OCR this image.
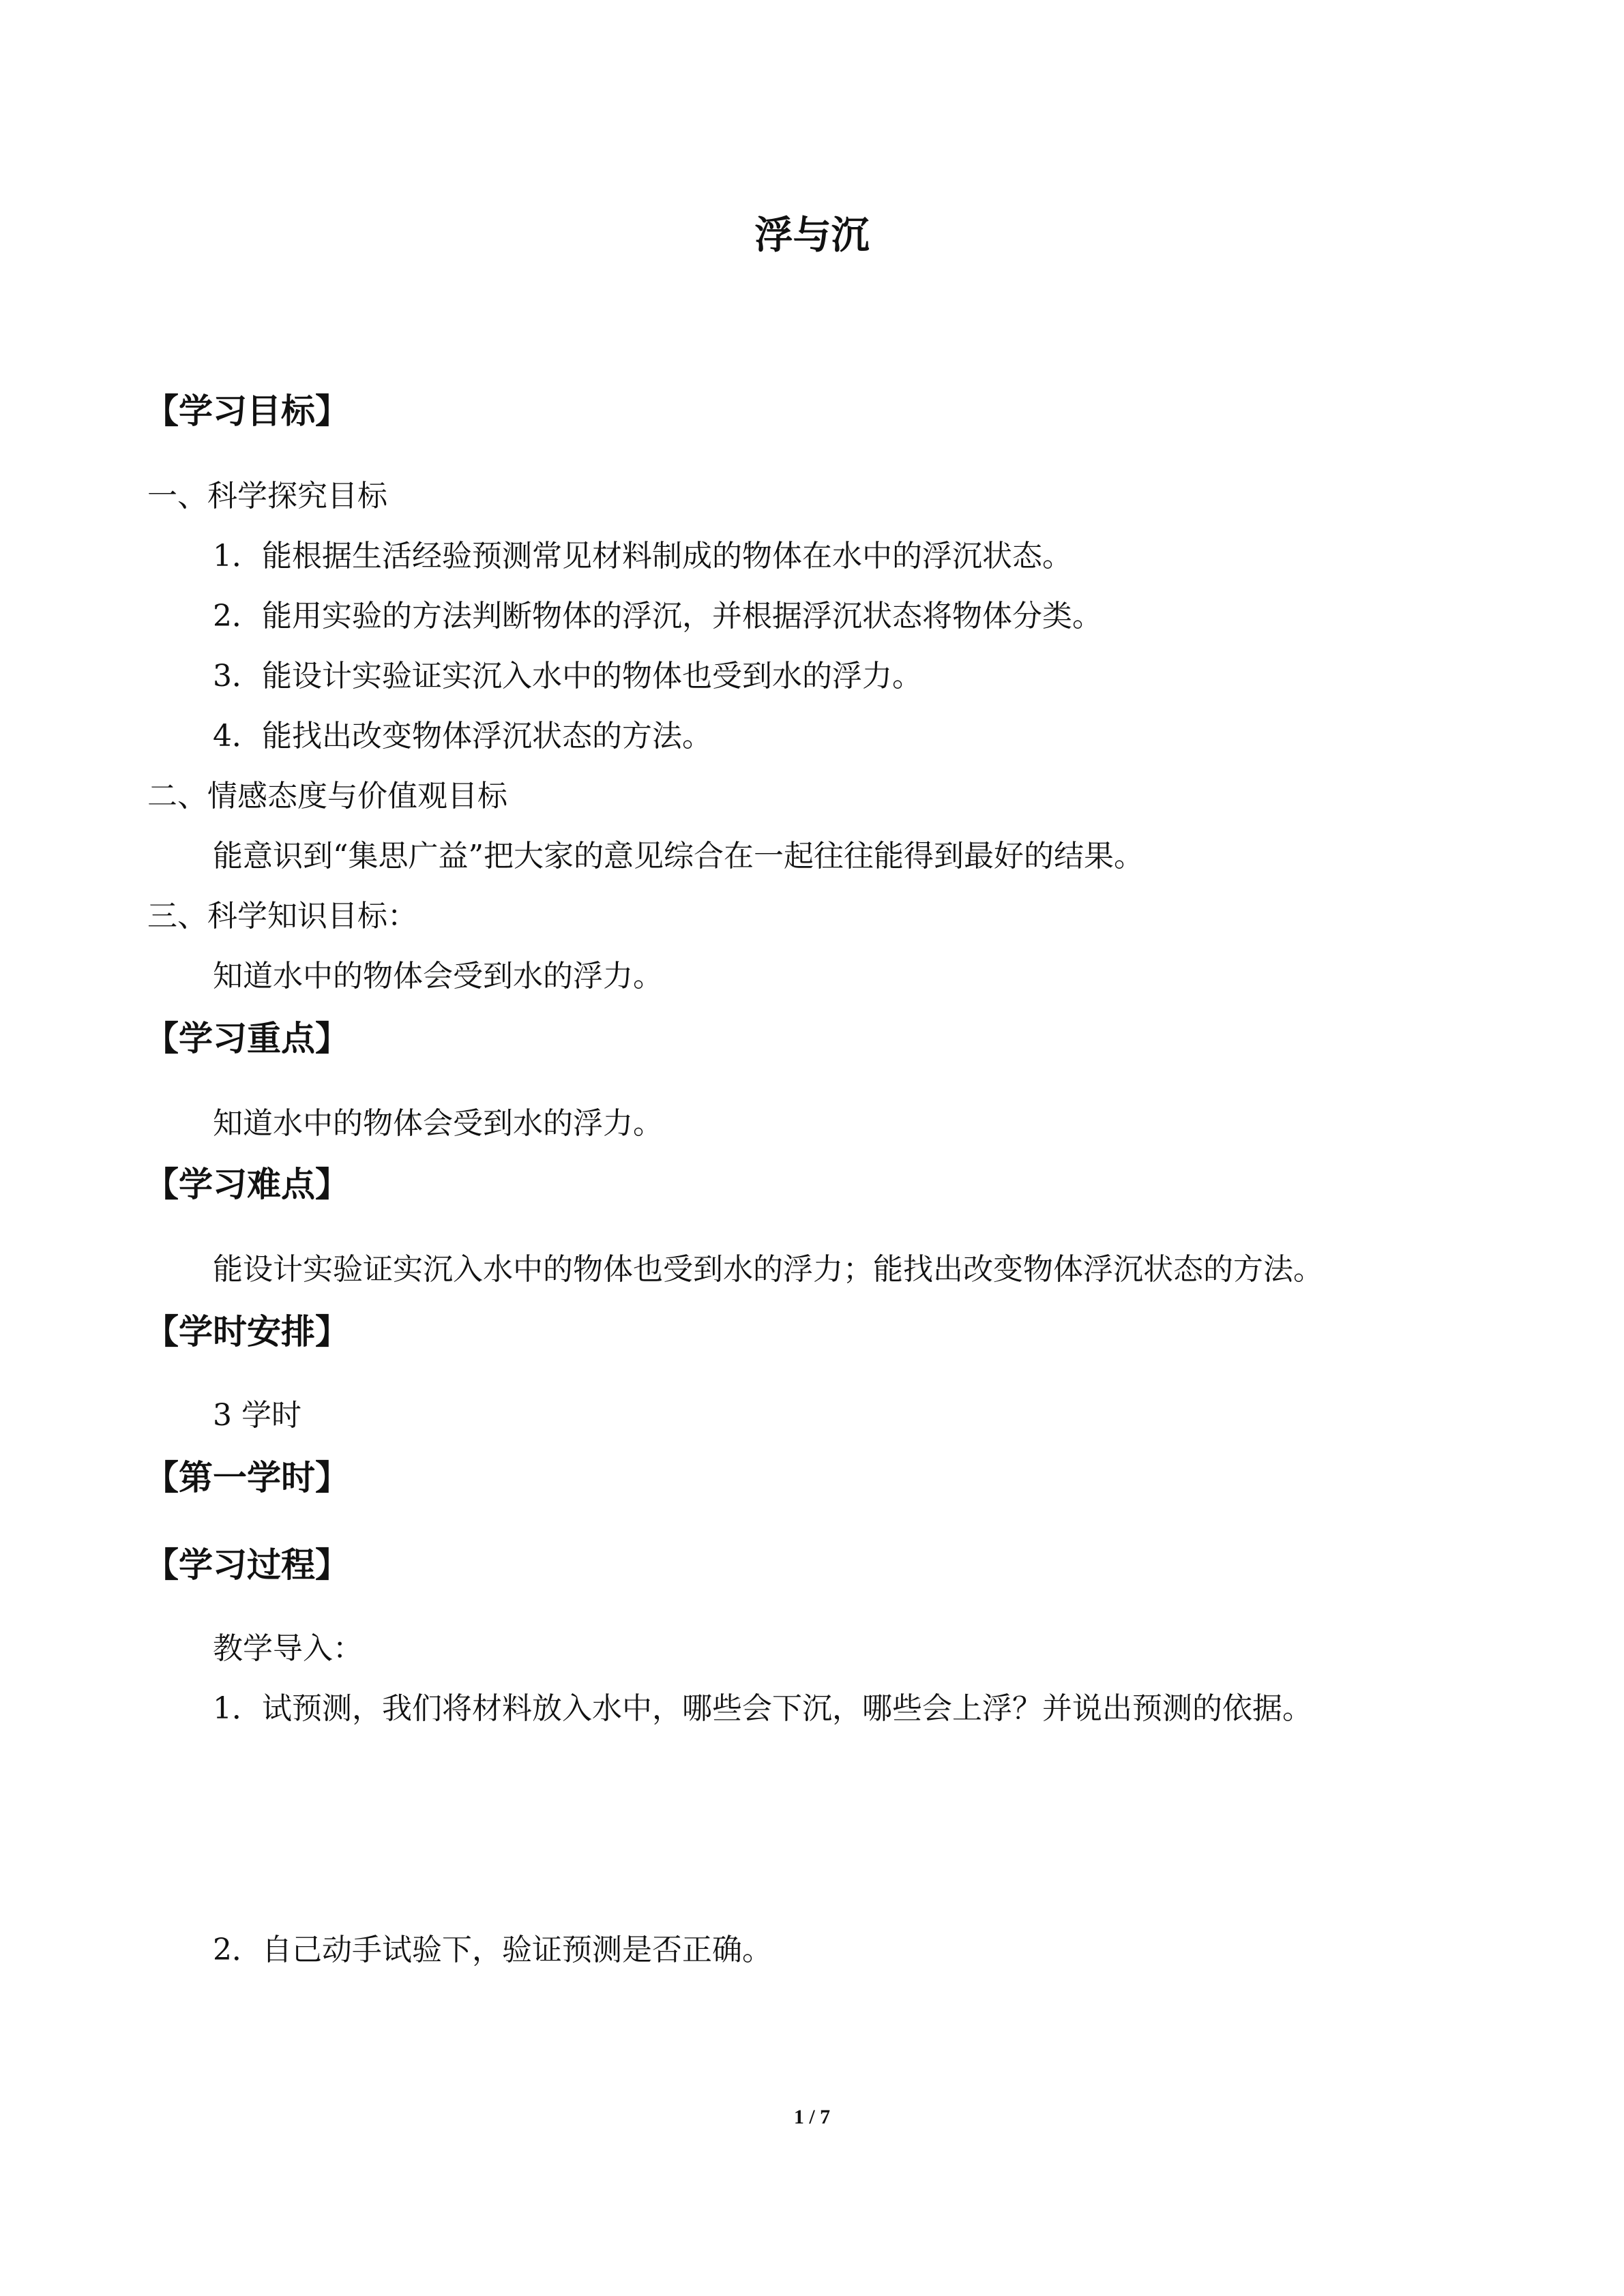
浮与沉
【学习目标】
一、科学探究目标
1．能根据生活经验预测常见材料制成的物体在水中的浮沉状态。
2．能用实验的方法判断物体的浮沉，并根据浮沉状态将物体分类。
3．能设计实验证实沉入水中的物体也受到水的浮力。
4．能找出改变物体浮沉状态的方法。
二、情感态度与价值观目标
能意识到“集思广益”把大家的意见综合在一起往往能得到最好的结果。
三、科学知识目标：
知道水中的物体会受到水的浮力。
【学习重点】
知道水中的物体会受到水的浮力。
【学习难点】
能设计实验证实沉入水中的物体也受到水的浮力；能找出改变物体浮沉状态的方法。
【学时安排】
3 学时
【第一学时】
【学习过程】
教学导入：
1．试预测，我们将材料放入水中，哪些会下沉，哪些会上浮？并说出预测的依据。
2．自己动手试验下，验证预测是否正确。
1 / 7
